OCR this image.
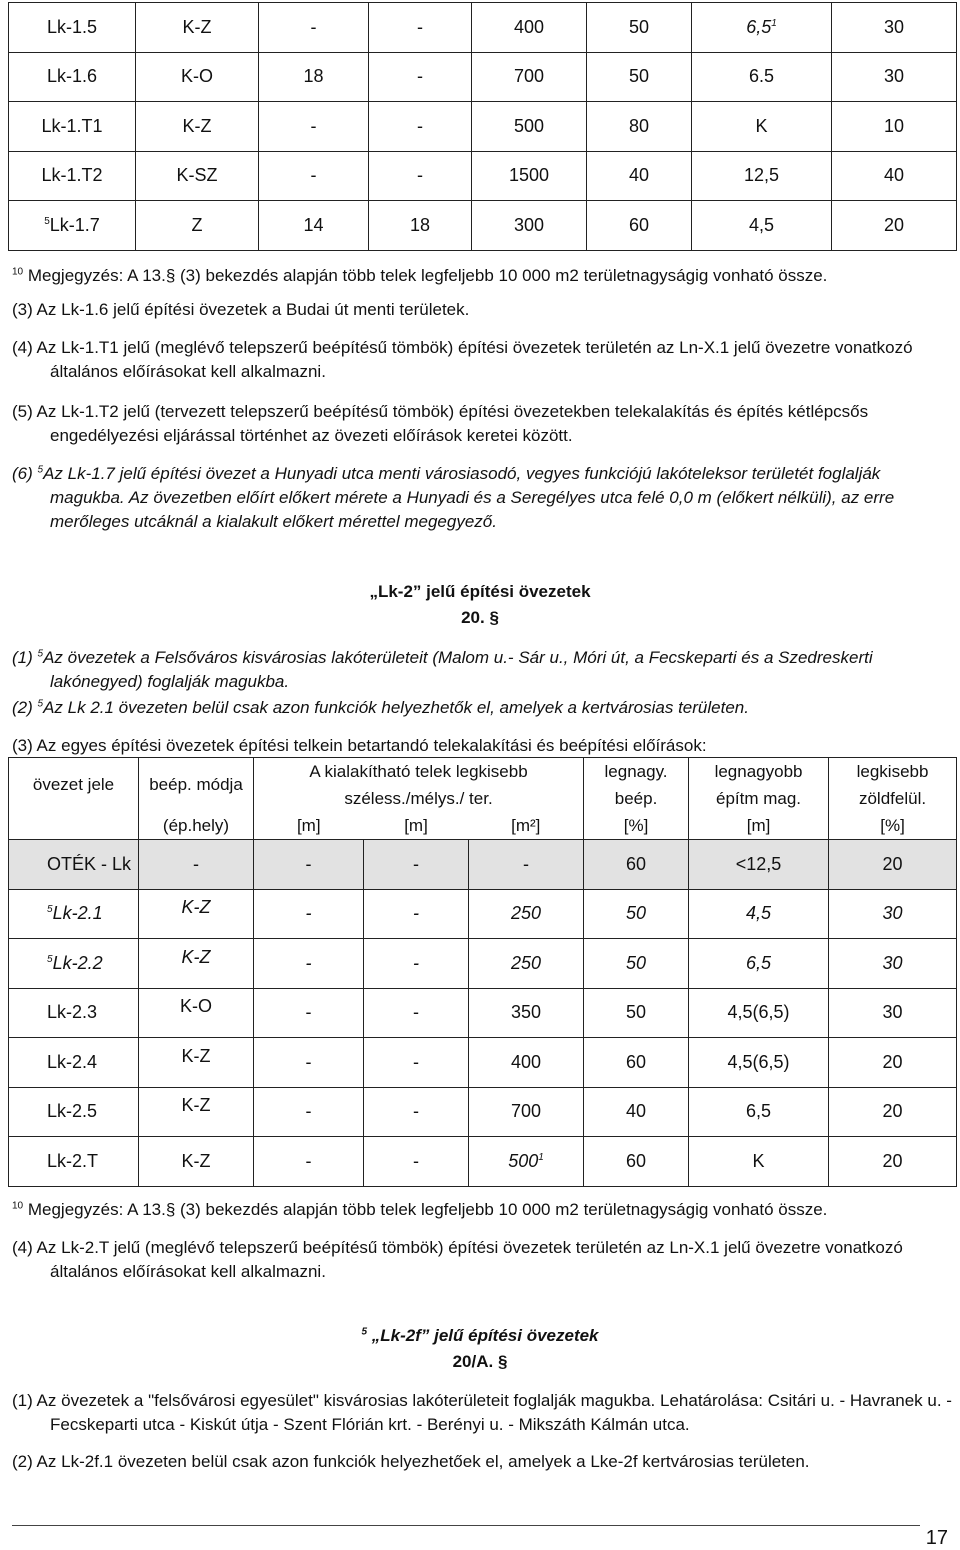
Lk-1.5	K-Z	-	-	400	50	$6,5^1$	30
Lk-1.6	K-O	18	-	700	50	6.5	30
Lk-1.T1	K-Z	-	-	500	80	K	10
Lk-1.T2	K-SZ	-	-	1500	40	12,5	40
$^5$Lk-1.7	Z	14	18	300	60	4,5	20
$^{10}$ Megjegyzés: A 13.§ (3) bekezdés alapján több telek legfeljebb 10 000 m2 területnagyságig vonható össze.
(3) Az Lk-1.6 jelű építési övezetek a Budai út menti területek.
(4) Az Lk-1.T1 jelű (meglévő telepszerű beépítésű tömbök) építési övezetek területén az Ln-X.1 jelű övezetre vonatkozó általános előírásokat kell alkalmazni.
(5) Az Lk-1.T2 jelű (tervezett telepszerű beépítésű tömbök) építési övezetekben telekalakítás és építés kétlépcsős engedélyezési eljárással történhet az övezeti előírások keretei között.
(6) $^5$Az Lk-1.7 jelű építési övezet a Hunyadi utca menti városiasodó, vegyes funkciójú lakóteleksor területét foglalják magukba. Az övezetben előírt előkert mérete a Hunyadi és a Seregélyes utca felé 0,0 m (előkert nélküli), az erre merőleges utcáknál a kialakult előkert mérettel megegyező.
„Lk-2” jelű építési övezetek
20. §
(1) $^5$Az övezetek a Felsőváros kisvárosias lakóterületeit (Malom u.- Sár u., Móri út, a Fecskeparti és a Szedreskerti lakónegyed) foglalják magukba.
(2) $^5$Az Lk 2.1 övezeten belül csak azon funkciók helyezhetők el, amelyek a kertvárosias területen.
(3) Az egyes építési övezetek építési telkein betartandó telekalakítási és beépítési előírások:
övezet jele	beép. módja	A kialakítható telek legkisebb			legnagy.	legnagyobb	legkisebb
		széless./mélys./ ter.			beép.	építm mag.	zöldfelül.
	(ép.hely)	[m]	[m]	[m²]	[%]	[m]	[%]
OTÉK - Lk	-	-	-	-	60	<12,5	20
$^5$Lk-2.1	K-Z	-	-	250	50	4,5	30
$^5$Lk-2.2	K-Z	-	-	250	50	6,5	30
Lk-2.3	K-O	-	-	350	50	4,5(6,5)	30
Lk-2.4	K-Z	-	-	400	60	4,5(6,5)	20
Lk-2.5	K-Z	-	-	700	40	6,5	20
Lk-2.T	K-Z	-	-	$500^1$	60	K	20
$^{10}$ Megjegyzés: A 13.§ (3) bekezdés alapján több telek legfeljebb 10 000 m2 területnagyságig vonható össze.
(4) Az Lk-2.T jelű (meglévő telepszerű beépítésű tömbök) építési övezetek területén az Ln-X.1 jelű övezetre vonatkozó általános előírásokat kell alkalmazni.
$^5$ „Lk-2f” jelű építési övezetek
20/A. §
(1) Az övezetek a "felsővárosi egyesület" kisvárosias lakóterületeit foglalják magukba. Lehatárolása: Csitári u. - Havranek u. - Fecskeparti utca - Kiskút útja - Szent Flórián krt. - Berényi u. - Mikszáth Kálmán utca.
(2) Az Lk-2f.1 övezeten belül csak azon funkciók helyezhetőek el, amelyek a Lke-2f kertvárosias területen.
17
